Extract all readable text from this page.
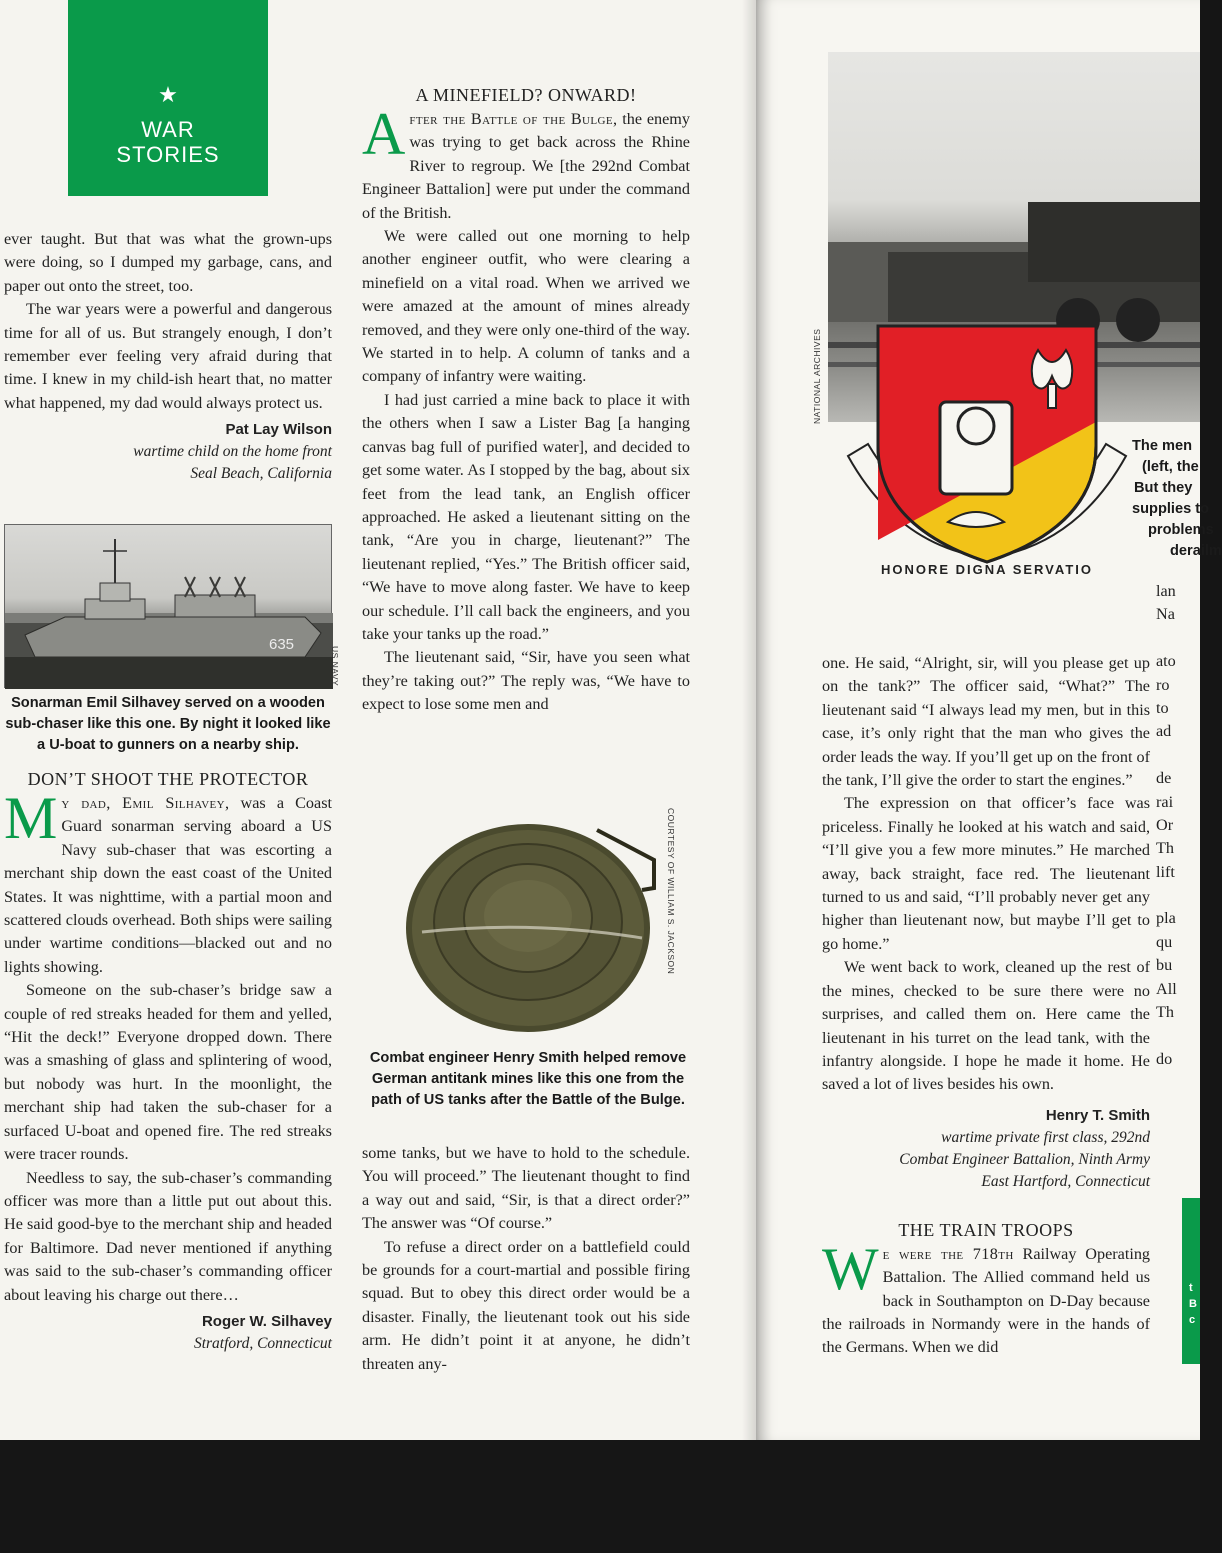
★
WAR
STORIES

ever taught. But that was what the grown-ups were doing, so I dumped my garbage, cans, and paper out onto the street, too.

The war years were a powerful and dangerous time for all of us. But strangely enough, I don’t remember ever feeling very afraid during that time. I knew in my child-ish heart that, no matter what happened, my dad would always protect us.

Pat Lay Wilson
wartime child on the home front
Seal Beach, California
635
US NAVY
Sonarman Emil Silhavey served on a wooden sub-chaser like this one. By night it looked like a U-boat to gunners on a nearby ship.
DON’T SHOOT THE PROTECTOR

My dad, Emil Silhavey, was a Coast Guard sonarman serving aboard a US Navy sub-chaser that was escorting a merchant ship down the east coast of the United States. It was nighttime, with a partial moon and scattered clouds overhead. Both ships were sailing under wartime conditions—blacked out and no lights showing.

Someone on the sub-chaser’s bridge saw a couple of red streaks headed for them and yelled, “Hit the deck!” Everyone dropped down. There was a smashing of glass and splintering of wood, but nobody was hurt. In the moonlight, the merchant ship had taken the sub-chaser for a surfaced U-boat and opened fire. The red streaks were tracer rounds.

Needless to say, the sub-chaser’s commanding officer was more than a little put out about this. He said good-bye to the merchant ship and headed for Baltimore. Dad never mentioned if anything was said to the sub-chaser’s commanding officer about leaving his charge out there…

Roger W. Silhavey
Stratford, Connecticut
A MINEFIELD? ONWARD!

After the Battle of the Bulge, the enemy was trying to get back across the Rhine River to regroup. We [the 292nd Combat Engineer Battalion] were put under the command of the British.

We were called out one morning to help another engineer outfit, who were clearing a minefield on a vital road. When we arrived we were amazed at the amount of mines already removed, and they were only one-third of the way. We started in to help. A column of tanks and a company of infantry were waiting.

I had just carried a mine back to place it with the others when I saw a Lister Bag [a hanging canvas bag full of purified water], and decided to get some water. As I stopped by the bag, about six feet from the lead tank, an English officer approached. He asked a lieutenant sitting on the tank, “Are you in charge, lieutenant?” The lieutenant replied, “Yes.” The British officer said, “We have to move along faster. We have to keep our schedule. I’ll call back the engineers, and you take your tanks up the road.”

The lieutenant said, “Sir, have you seen what they’re taking out?” The reply was, “We have to expect to lose some men and

COURTESY OF WILLIAM S. JACKSON
Combat engineer Henry Smith helped remove German antitank mines like this one from the path of US tanks after the Battle of the Bulge.

some tanks, but we have to hold to the schedule. You will proceed.” The lieutenant thought to find a way out and said, “Sir, is that a direct order?” The answer was “Of course.”

To refuse a direct order on a battlefield could be grounds for a court-martial and possible firing squad. But to obey this direct order would be a disaster. Finally, the lieutenant took out his side arm. He didn’t point it at anyone, he didn’t threaten any-

NATIONAL ARCHIVES
HONORE DIGNA SERVATIO
The men
(left, the
But they
supplies to
problems
derailm

one. He said, “Alright, sir, will you please get up on the tank?” The officer said, “What?” The lieutenant said “I always lead my men, but in this case, it’s only right that the man who gives the order leads the way. If you’ll get up on the front of the tank, I’ll give the order to start the engines.”

The expression on that officer’s face was priceless. Finally he looked at his watch and said, “I’ll give you a few more minutes.” He marched away, back straight, face red. The lieutenant turned to us and said, “I’ll probably never get any higher than lieutenant now, but maybe I’ll get to go home.”

We went back to work, cleaned up the rest of the mines, checked to be sure there were no surprises, and called them on. Here came the lieutenant in his turret on the lead tank, with the infantry alongside. I hope he made it home. He saved a lot of lives besides his own.

Henry T. Smith
wartime private first class, 292nd
Combat Engineer Battalion, Ninth Army
East Hartford, Connecticut
THE TRAIN TROOPS

We were the 718th Railway Operating Battalion. The Allied command held us back in Southampton on D-Day because the railroads in Normandy were in the hands of the Germans. When we did

lan
Na
ato
ro
to
ad
de
rai
Or
Th
lift
pla
qu
bu
All
Th
do
t
B
c
